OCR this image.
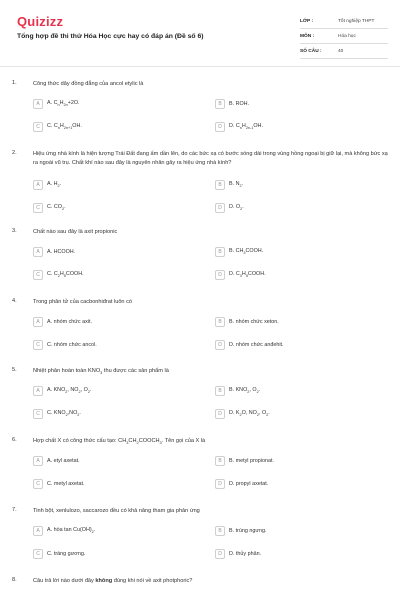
Quizizz
Tổng hợp đề thi thử Hóa Học cực hay có đáp án (Đề số 6)
LỚP :	Tốt nghiệp THPT
MÔN :	Hóa học
SỐ CÂU :	40
1.	Công thức dãy đồng đẳng của ancol etylic là
A	A. $C_nH_{2n}+2O$.	B	B. ROH.
C	C. $C_nH_{2n+1}OH$.	D	D. $C_nH_{2n-1}OH$.
2.	Hiệu ứng nhà kính là hiện tượng Trái Đất đang ấm dần lên, do các bức xạ có bước sóng dài trong vùng hồng ngoại bị giữ lại, mà không bức xạ ra ngoài vũ trụ. Chất khí nào sau đây là nguyên nhân gây ra hiệu ứng nhà kính?
A	A. $H_2$.	B	B. $N_2$.
C	C. $CO_2$.	D	D. $O_2$.
3.	Chất nào sau đây là axit propionic
A	A. HCOOH.	B	B. $CH_3COOH$.
C	C. $C_2H_5COOH$.	D	D. $C_3H_5COOH$.
4.	Trong phân tử của cacbonhiđrat luôn có
A	A. nhóm chức axit.	B	B. nhóm chức xeton.
C	C. nhóm chức ancol.	D	D. nhóm chức anđehit.
5.	Nhiệt phân hoàn toàn $KNO_3$ thu được các sản phẩm là
A	A. $KNO_2$, $NO_2$, $O_2$.	B	B. $KNO_2$, $O_2$.
C	C. $KNO_2,NO_2$.	D	D. $K_2O$, $NO_2$, $O_2$.
6.	Hợp chất X có công thức cấu tạo: $CH_3CH_2COOCH_3$. Tên gọi của X là
A	A. etyl axetat.	B	B. metyl propionat.
C	C. metyl axetat.	D	D. propyl axetat.
7.	Tinh bột, xenlulozo, saccarozo đều có khả năng tham gia phản ứng
A	A. hòa $\tan Cu(OH)_2$.	B	B. trùng ngưng.
C	C. tráng gương.	D	D. thủy phân.
8.	Câu trả lời nào dưới đây không đúng khi nói về axit photphoric?
